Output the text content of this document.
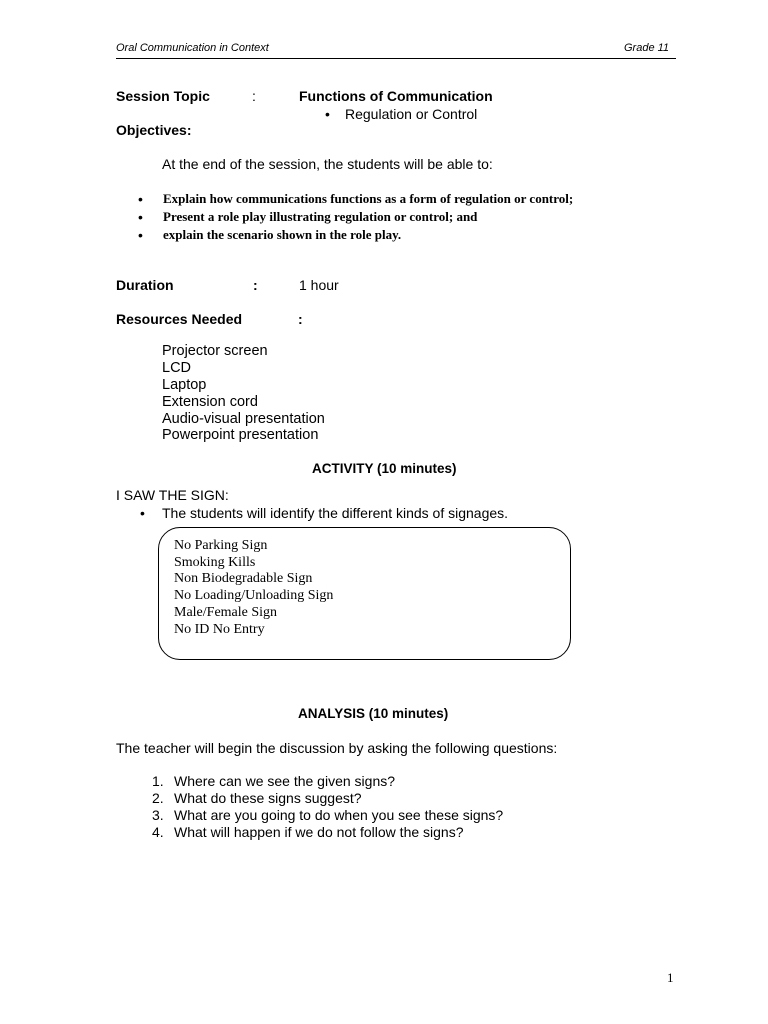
Oral Communication in Context	Grade 11
Session Topic	:	Functions of Communication
• Regulation or Control
Objectives:
At the end of the session, the students will be able to:
• Explain how communications functions as a form of regulation or control;
• Present a role play illustrating regulation or control; and
• explain the scenario shown in the role play.
Duration	:	1 hour
Resources Needed	:
Projector screen
LCD
Laptop
Extension cord
Audio-visual presentation
Powerpoint presentation
ACTIVITY (10 minutes)
I SAW THE SIGN:
• The students will identify the different kinds of signages.
No Parking Sign
Smoking Kills
Non Biodegradable Sign
No Loading/Unloading Sign
Male/Female Sign
No ID No Entry
ANALYSIS (10 minutes)
The teacher will begin the discussion by asking the following questions:
1. Where can we see the given signs?
2. What do these signs suggest?
3. What are you going to do when you see these signs?
4. What will happen if we do not follow the signs?
1
